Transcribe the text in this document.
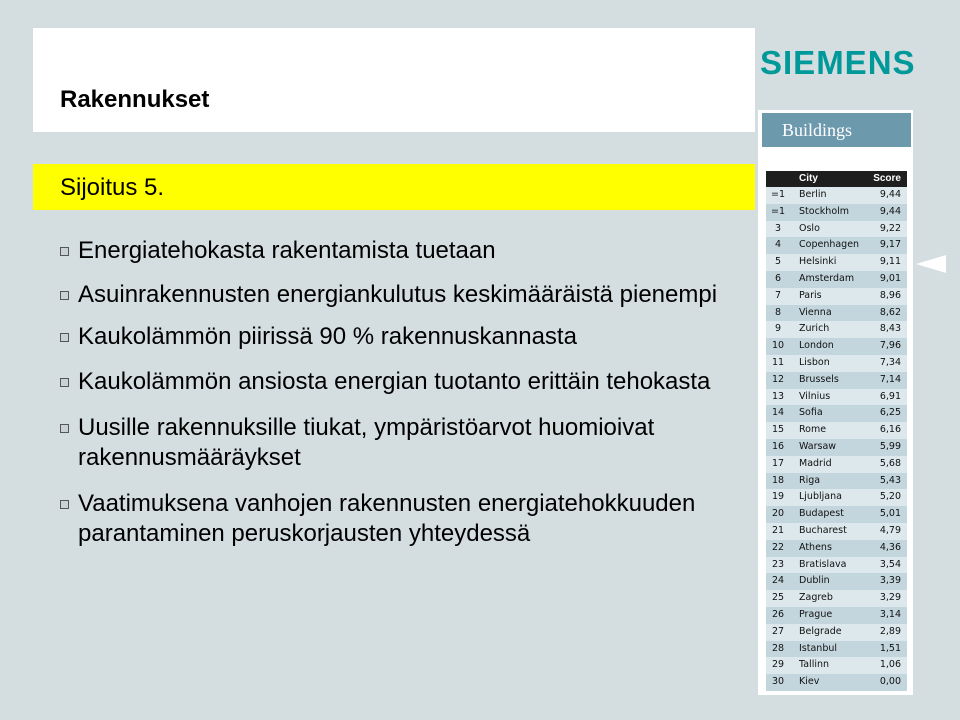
Rakennukset
SIEMENS
Sijoitus 5.
Energiatehokasta rakentamista tuetaan
Asuinrakennusten energiankulutus keskimääräistä pienempi
Kaukolämmön piirissä 90 % rakennuskannasta
Kaukolämmön ansiosta energian tuotanto erittäin tehokasta
Uusille rakennuksille tiukat, ympäristöarvot huomioivat rakennusmääräykset
Vaatimuksena vanhojen rakennusten energiatehokkuuden parantaminen peruskorjausten yhteydessä
Buildings
City	Score
=1	Berlin	9,44
=1	Stockholm	9,44
3	Oslo	9,22
4	Copenhagen 9,17
5	Helsinki	9,11
6	Amsterdam	9,01
7	Paris	8,96
8	Vienna	8,62
9	Zurich	8,43
10	London	7,96
11	Lisbon	7,34
12	Brussels	7,14
13	Vilnius	6,91
14	Sofia	6,25
15	Rome	6,16
16	Warsaw	5,99
17	Madrid	5,68
18	Riga	5,43
19	Ljubljana	5,20
20	Budapest	5,01
21	Bucharest	4,79
22	Athens	4,36
23	Bratislava	3,54
24	Dublin	3,39
25	Zagreb	3,29
26	Prague	3,14
27	Belgrade	2,89
28	Istanbul	1,51
29	Tallinn	1,06
30	Kiev	0,00
